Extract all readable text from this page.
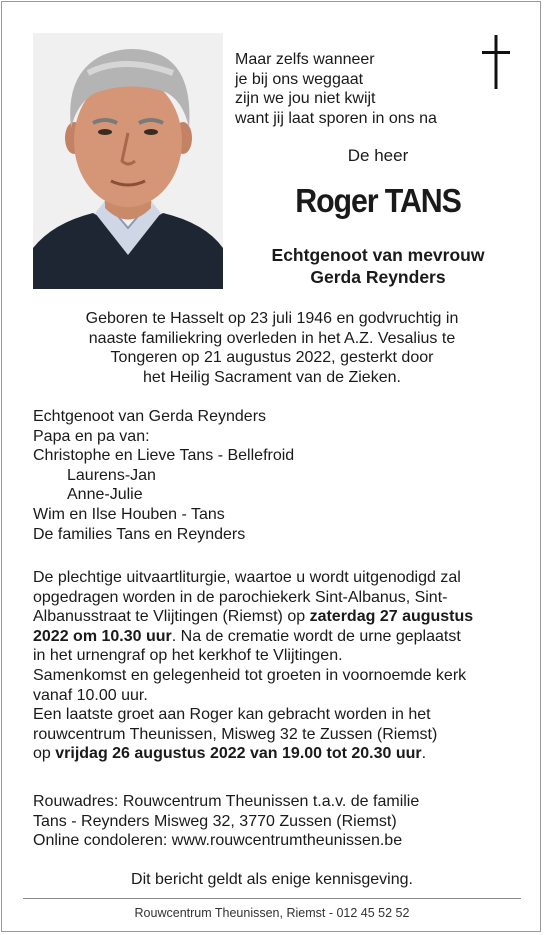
Maar zelfs wanneer
je bij ons weggaat
zijn we jou niet kwijt
want jij laat sporen in ons na
De heer
Roger TANS
Echtgenoot van mevrouw
Gerda Reynders
Geboren te Hasselt op 23 juli 1946 en godvruchtig in
naaste familiekring overleden in het A.Z. Vesalius te
Tongeren op 21 augustus 2022, gesterkt door
het Heilig Sacrament van de Zieken.
Echtgenoot van Gerda Reynders
Papa en pa van:
Christophe en Lieve Tans - Bellefroid
Laurens-Jan
Anne-Julie
Wim en Ilse Houben - Tans
De families Tans en Reynders
De plechtige uitvaartliturgie, waartoe u wordt uitgenodigd zal
opgedragen worden in de parochiekerk Sint-Albanus, Sint-
Albanusstraat te Vlijtingen (Riemst) op zaterdag 27 augustus
2022 om 10.30 uur. Na de crematie wordt de urne geplaatst
in het urnengraf op het kerkhof te Vlijtingen.
Samenkomst en gelegenheid tot groeten in voornoemde kerk
vanaf 10.00 uur.
Een laatste groet aan Roger kan gebracht worden in het
rouwcentrum Theunissen, Misweg 32 te Zussen (Riemst)
op vrijdag 26 augustus 2022 van 19.00 tot 20.30 uur.
Rouwadres: Rouwcentrum Theunissen t.a.v. de familie
Tans - Reynders Misweg 32, 3770 Zussen (Riemst)
Online condoleren: www.rouwcentrumtheunissen.be
Dit bericht geldt als enige kennisgeving.
Rouwcentrum Theunissen, Riemst - 012 45 52 52
